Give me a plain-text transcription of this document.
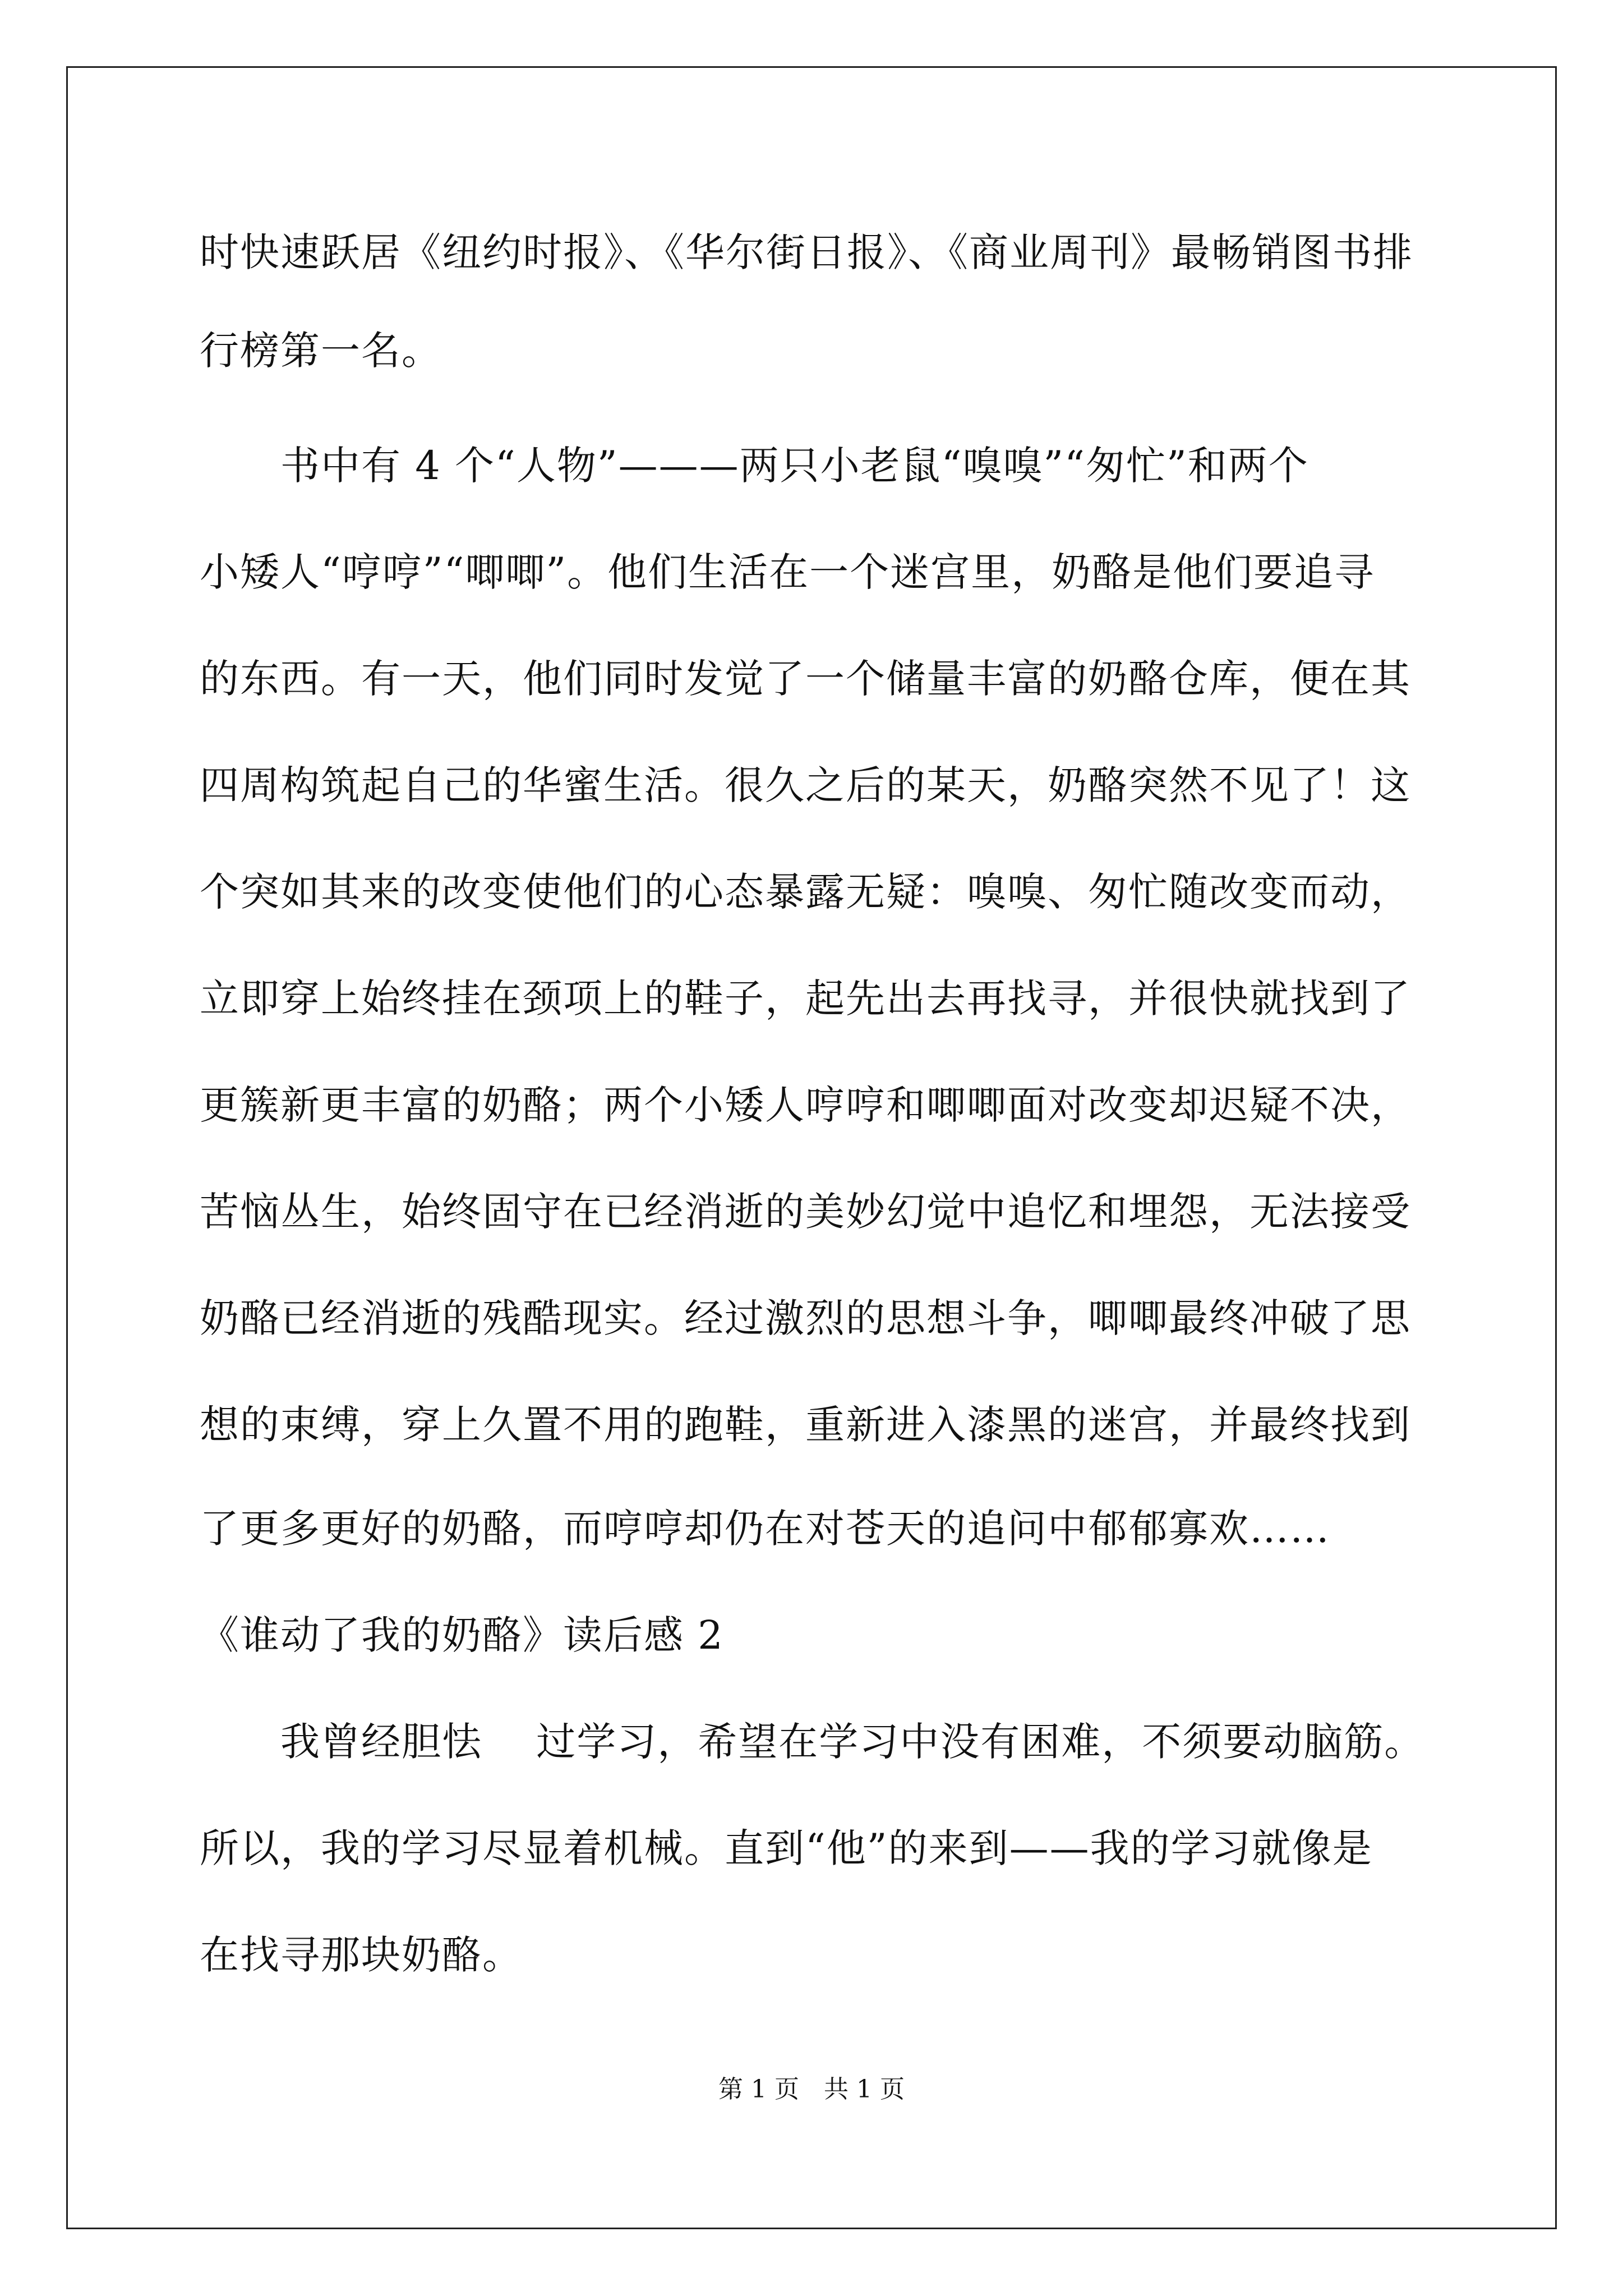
时快速跃居《纽约时报》、《华尔街日报》、《商业周刊》最畅销图书排

行榜第一名。

书中有 4 个“人物”———两只小老鼠“嗅嗅”“匆忙”和两个

小矮人“哼哼”“唧唧”。他们生活在一个迷宫里，奶酪是他们要追寻

的东西。有一天，他们同时发觉了一个储量丰富的奶酪仓库，便在其

四周构筑起自己的华蜜生活。很久之后的某天，奶酪突然不见了！这

个突如其来的改变使他们的心态暴露无疑：嗅嗅、匆忙随改变而动，

立即穿上始终挂在颈项上的鞋子，起先出去再找寻，并很快就找到了

更簇新更丰富的奶酪；两个小矮人哼哼和唧唧面对改变却迟疑不决，

苦恼丛生，始终固守在已经消逝的美妙幻觉中追忆和埋怨，无法接受

奶酪已经消逝的残酷现实。经过激烈的思想斗争，唧唧最终冲破了思

想的束缚，穿上久置不用的跑鞋，重新进入漆黑的迷宫，并最终找到

了更多更好的奶酪，而哼哼却仍在对苍天的追问中郁郁寡欢……

《谁动了我的奶酪》读后感 2

我曾经胆怯　 过学习，希望在学习中没有困难，不须要动脑筋。

所以，我的学习尽显着机械。直到“他”的来到——我的学习就像是

在找寻那块奶酪。

第 1 页　共 1 页
